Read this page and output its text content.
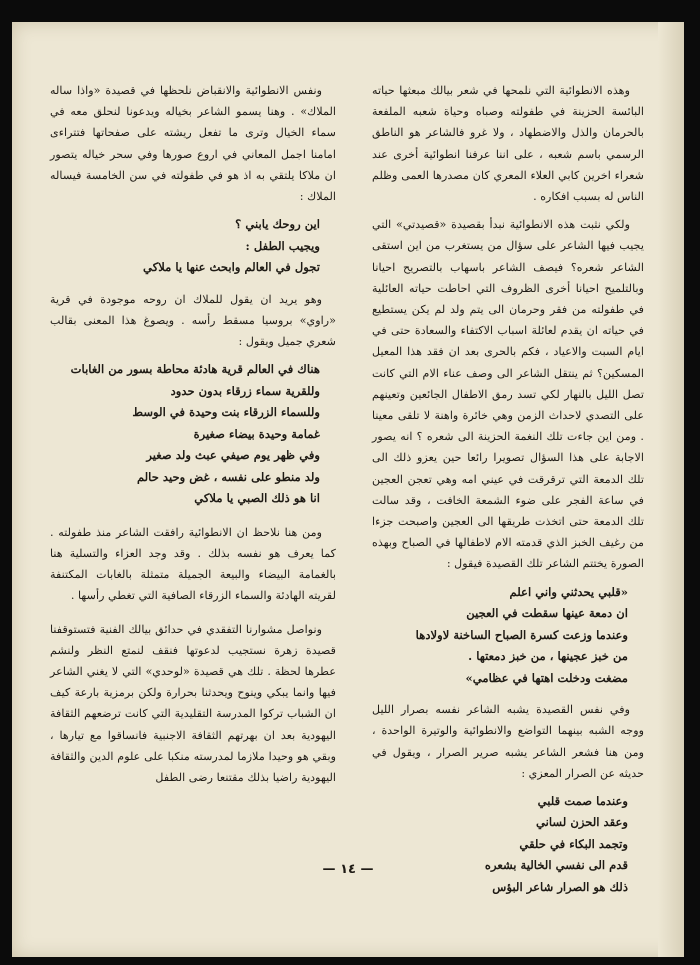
وهذه الانطوائية التي نلمحها في شعر بيالك مبعثها حياته البائسة الحزينة في طفولته وصباه وحياة شعبه الملفعة بالحرمان والذل والاضطهاد ، ولا غرو فالشاعر هو الناطق الرسمي باسم شعبه ، على اننا عرفنا انطوائية أخرى عند شعراء اخرين كابي العلاء المعري كان مصدرها العمى وظلم الناس له بسبب افكاره .

ولكي نثبت هذه الانطوائية نبدأ بقصيدة «قصيدتي» التي يجيب فيها الشاعر على سؤال من يستغرب من اين استقى الشاعر شعره؟ فيصف الشاعر باسهاب بالتصريح احيانا وبالتلميح احيانا أخرى الظروف التي احاطت حياته العائلية في طفولته من فقر وحرمان الى يتم ولد لم يكن يستطيع في حياته ان يقدم لعائلة اسباب الاكتفاء والسعادة حتى في ايام السبت والاعياد ، فكم بالحرى بعد ان فقد هذا المعيل المسكين؟ ثم ينتقل الشاعر الى وصف عناء الام التي كانت تصل الليل بالنهار لكي تسد رمق الاطفال الجائعين وتعينهم على التصدي لاحداث الزمن وهي خائرة واهنة لا تلقى معينا . ومن اين جاءت تلك النغمة الحزينة الى شعره ؟ انه يصور الاجابة على هذا السؤال تصويرا رائعا حين يعزو ذلك الى تلك الدمعة التي ترقرقت في عيني امه وهي تعجن العجين في ساعة الفجر على ضوء الشمعة الخافت ، وقد سالت تلك الدمعة حتى اتخذت طريقها الى العجين واصبحت جزءا من رغيف الخبز الذي قدمته الام لاطفالها في الصباح وبهذه الصورة يختتم الشاعر تلك القصيدة فيقول :

«قلبي يحدثني واني اعلم
ان دمعة عينها سقطت في العجين
وعندما وزعت كسرة الصباح الساخنة لاولادها
من خبز عجينها ، من خبز دمعتها .
مضغت ودخلت اهتها في عظامي»

وفي نفس القصيدة يشبه الشاعر نفسه بصرار الليل ووجه الشبه بينهما التواضع والانطوائية والوتيرة الواحدة ، ومن هنا فشعر الشاعر يشبه صرير الصرار ، ويقول في حديثه عن الصرار المعزي :

وعندما صمت قلبي
وعقد الحزن لساني
وتجمد البكاء في حلقي
قدم الى نفسي الخالية بشعره
ذلك هو الصرار شاعر البؤس

ونفس الانطوائية والانقباض نلحظها في قصيدة «واذا ساله الملاك» . وهنا يسمو الشاعر بخياله ويدعونا لنحلق معه في سماء الخيال وترى ما تفعل ريشته على صفحاتها فتتراءى امامنا اجمل المعاني في اروع صورها وفي سحر خياله يتصور ان ملاكا يلتقي به اذ هو في طفولته في سن الخامسة فيساله الملاك :

اين روحك يابني ؟
ويجيب الطفل :
تجول في العالم وابحث عنها يا ملاكي

وهو يريد ان يقول للملاك ان روحه موجودة في قرية «راوي» بروسيا مسقط رأسه . ويصوغ هذا المعنى بقالب شعري جميل ويقول :

هناك في العالم قرية هادئة محاطة بسور من الغابات
وللقرية سماء زرقاء بدون حدود
وللسماء الزرقاء بنت وحيدة في الوسط
غمامة وحيدة بيضاء صغيرة
وفي ظهر يوم صيفي عبث ولد صغير
ولد منطو على نفسه ، غض وحيد حالم
انا هو ذلك الصبي يا ملاكي

ومن هنا نلاحظ ان الانطوائية رافقت الشاعر منذ طفولته . كما يعرف هو نفسه بذلك . وقد وجد العزاء والتسلية هنا بالغمامة البيضاء والبيعة الجميلة متمثلة بالغابات المكتنفة لقريته الهادئة والسماء الزرقاء الصافية التي تغطي رأسها .

ونواصل مشوارنا التفقدي في حدائق بيالك الفنية فتستوقفنا قصيدة زهرة نستجيب لدعوتها فنقف لنمتع النظر ولنشم عطرها لحظة . تلك هي قصيدة «لوحدي» التي لا يغني الشاعر فيها وانما يبكي وينوح ويحدثنا بحرارة ولكن برمزية بارعة كيف ان الشباب تركوا المدرسة التقليدية التي كانت ترضعهم الثقافة اليهودية بعد ان بهرتهم الثقافة الاجنبية فانساقوا مع تيارها ، وبقي هو وحيدا ملازما لمدرسته منكبا على علوم الدين والثقافة اليهودية راضيا بذلك مقتنعا رضى الطفل

— ١٤ —
